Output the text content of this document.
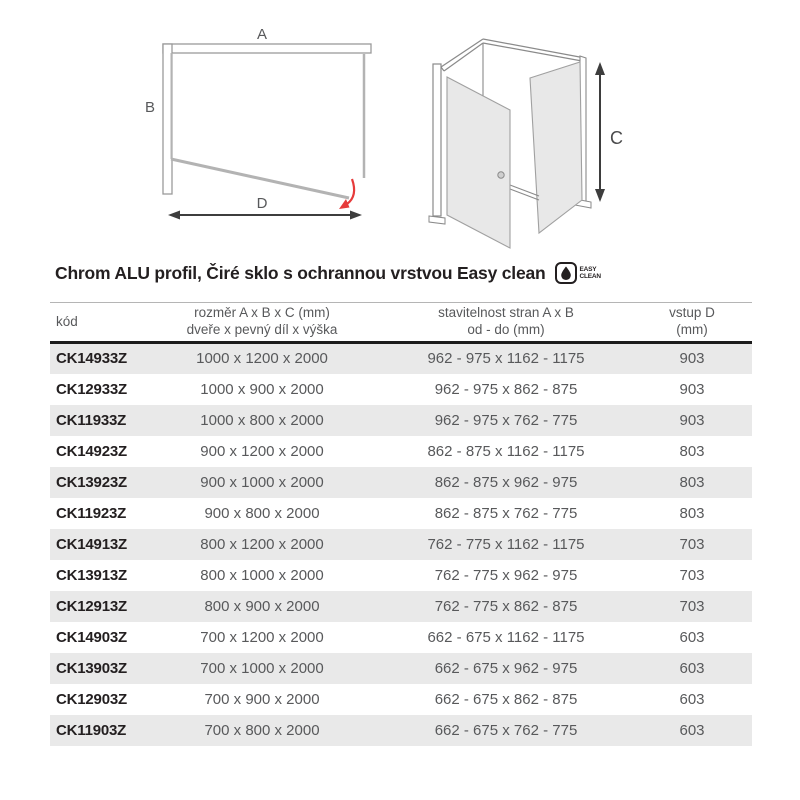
A
B
D
C
Chrom ALU profil, Čiré sklo s ochrannou vrstvou Easy clean	EASY
CLEAN
kód

rozměr A x B x C (mm)
dveře x pevný díl x výška

stavitelnost stran A x B
od - do (mm)

vstup D
(mm)

CK14933Z	1000 x 1200 x 2000	962 - 975 x 1162 - 1175	903
CK12933Z	1000 x 900 x 2000	962 - 975 x 862 - 875	903
CK11933Z	1000 x 800 x 2000	962 - 975 x 762 - 775	903
CK14923Z	900 x 1200 x 2000	862 - 875 x 1162 - 1175	803
CK13923Z	900 x 1000 x 2000	862 - 875 x 962 - 975	803
CK11923Z	900 x 800 x 2000	862 - 875 x 762 - 775	803
CK14913Z	800 x 1200 x 2000	762 - 775 x 1162 - 1175	703
CK13913Z	800 x 1000 x 2000	762 - 775 x 962 - 975	703
CK12913Z	800 x 900 x 2000	762 - 775 x 862 - 875	703
CK14903Z	700 x 1200 x 2000	662 - 675 x 1162 - 1175	603
CK13903Z	700 x 1000 x 2000	662 - 675 x 962 - 975	603
CK12903Z	700 x 900 x 2000	662 - 675 x 862 - 875	603
CK11903Z	700 x 800 x 2000	662 - 675 x 762 - 775	603
